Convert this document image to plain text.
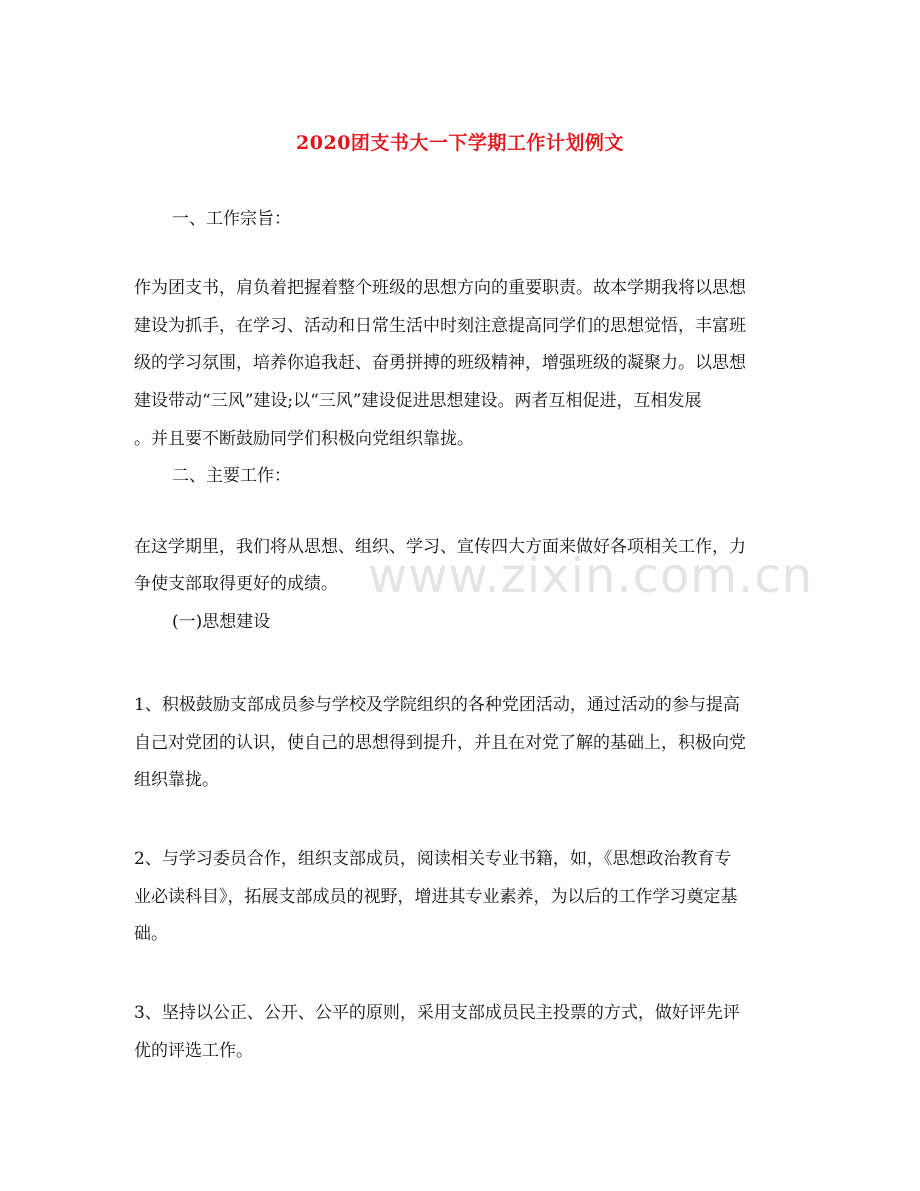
2020团支书大一下学期工作计划例文
一、工作宗旨：
作为团支书，肩负着把握着整个班级的思想方向的重要职责。故本学期我将以思想
建设为抓手，在学习、活动和日常生活中时刻注意提高同学们的思想觉悟，丰富班
级的学习氛围，培养你追我赶、奋勇拼搏的班级精神，增强班级的凝聚力。以思想
建设带动“三风”建设;以“三风”建设促进思想建设。两者互相促进，互相发展
。并且要不断鼓励同学们积极向党组织靠拢。
二、主要工作：
在这学期里，我们将从思想、组织、学习、宣传四大方面来做好各项相关工作，力
争使支部取得更好的成绩。
(一)思想建设
1、积极鼓励支部成员参与学校及学院组织的各种党团活动，通过活动的参与提高
自己对党团的认识，使自己的思想得到提升，并且在对党了解的基础上，积极向党
组织靠拢。
2、与学习委员合作，组织支部成员，阅读相关专业书籍，如，《思想政治教育专
业必读科目》，拓展支部成员的视野，增进其专业素养，为以后的工作学习奠定基
础。
3、坚持以公正、公开、公平的原则，采用支部成员民主投票的方式，做好评先评
优的评选工作。
www.zixin.com.cn
